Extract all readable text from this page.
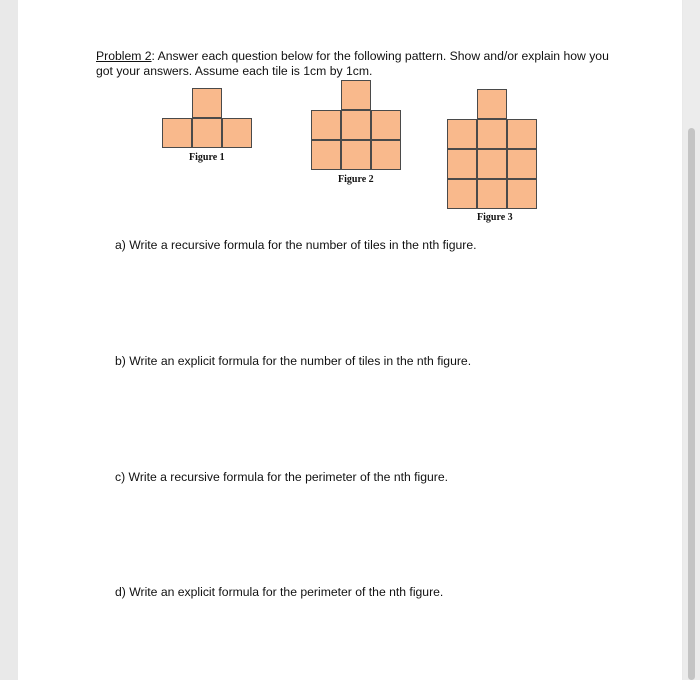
Problem 2: Answer each question below for the following pattern. Show and/or explain how you
got your answers. Assume each tile is 1cm by 1cm.
Figure 1
Figure 2
Figure 3
a) Write a recursive formula for the number of tiles in the nth figure.
b) Write an explicit formula for the number of tiles in the nth figure.
c) Write a recursive formula for the perimeter of the nth figure.
d) Write an explicit formula for the perimeter of the nth figure.
